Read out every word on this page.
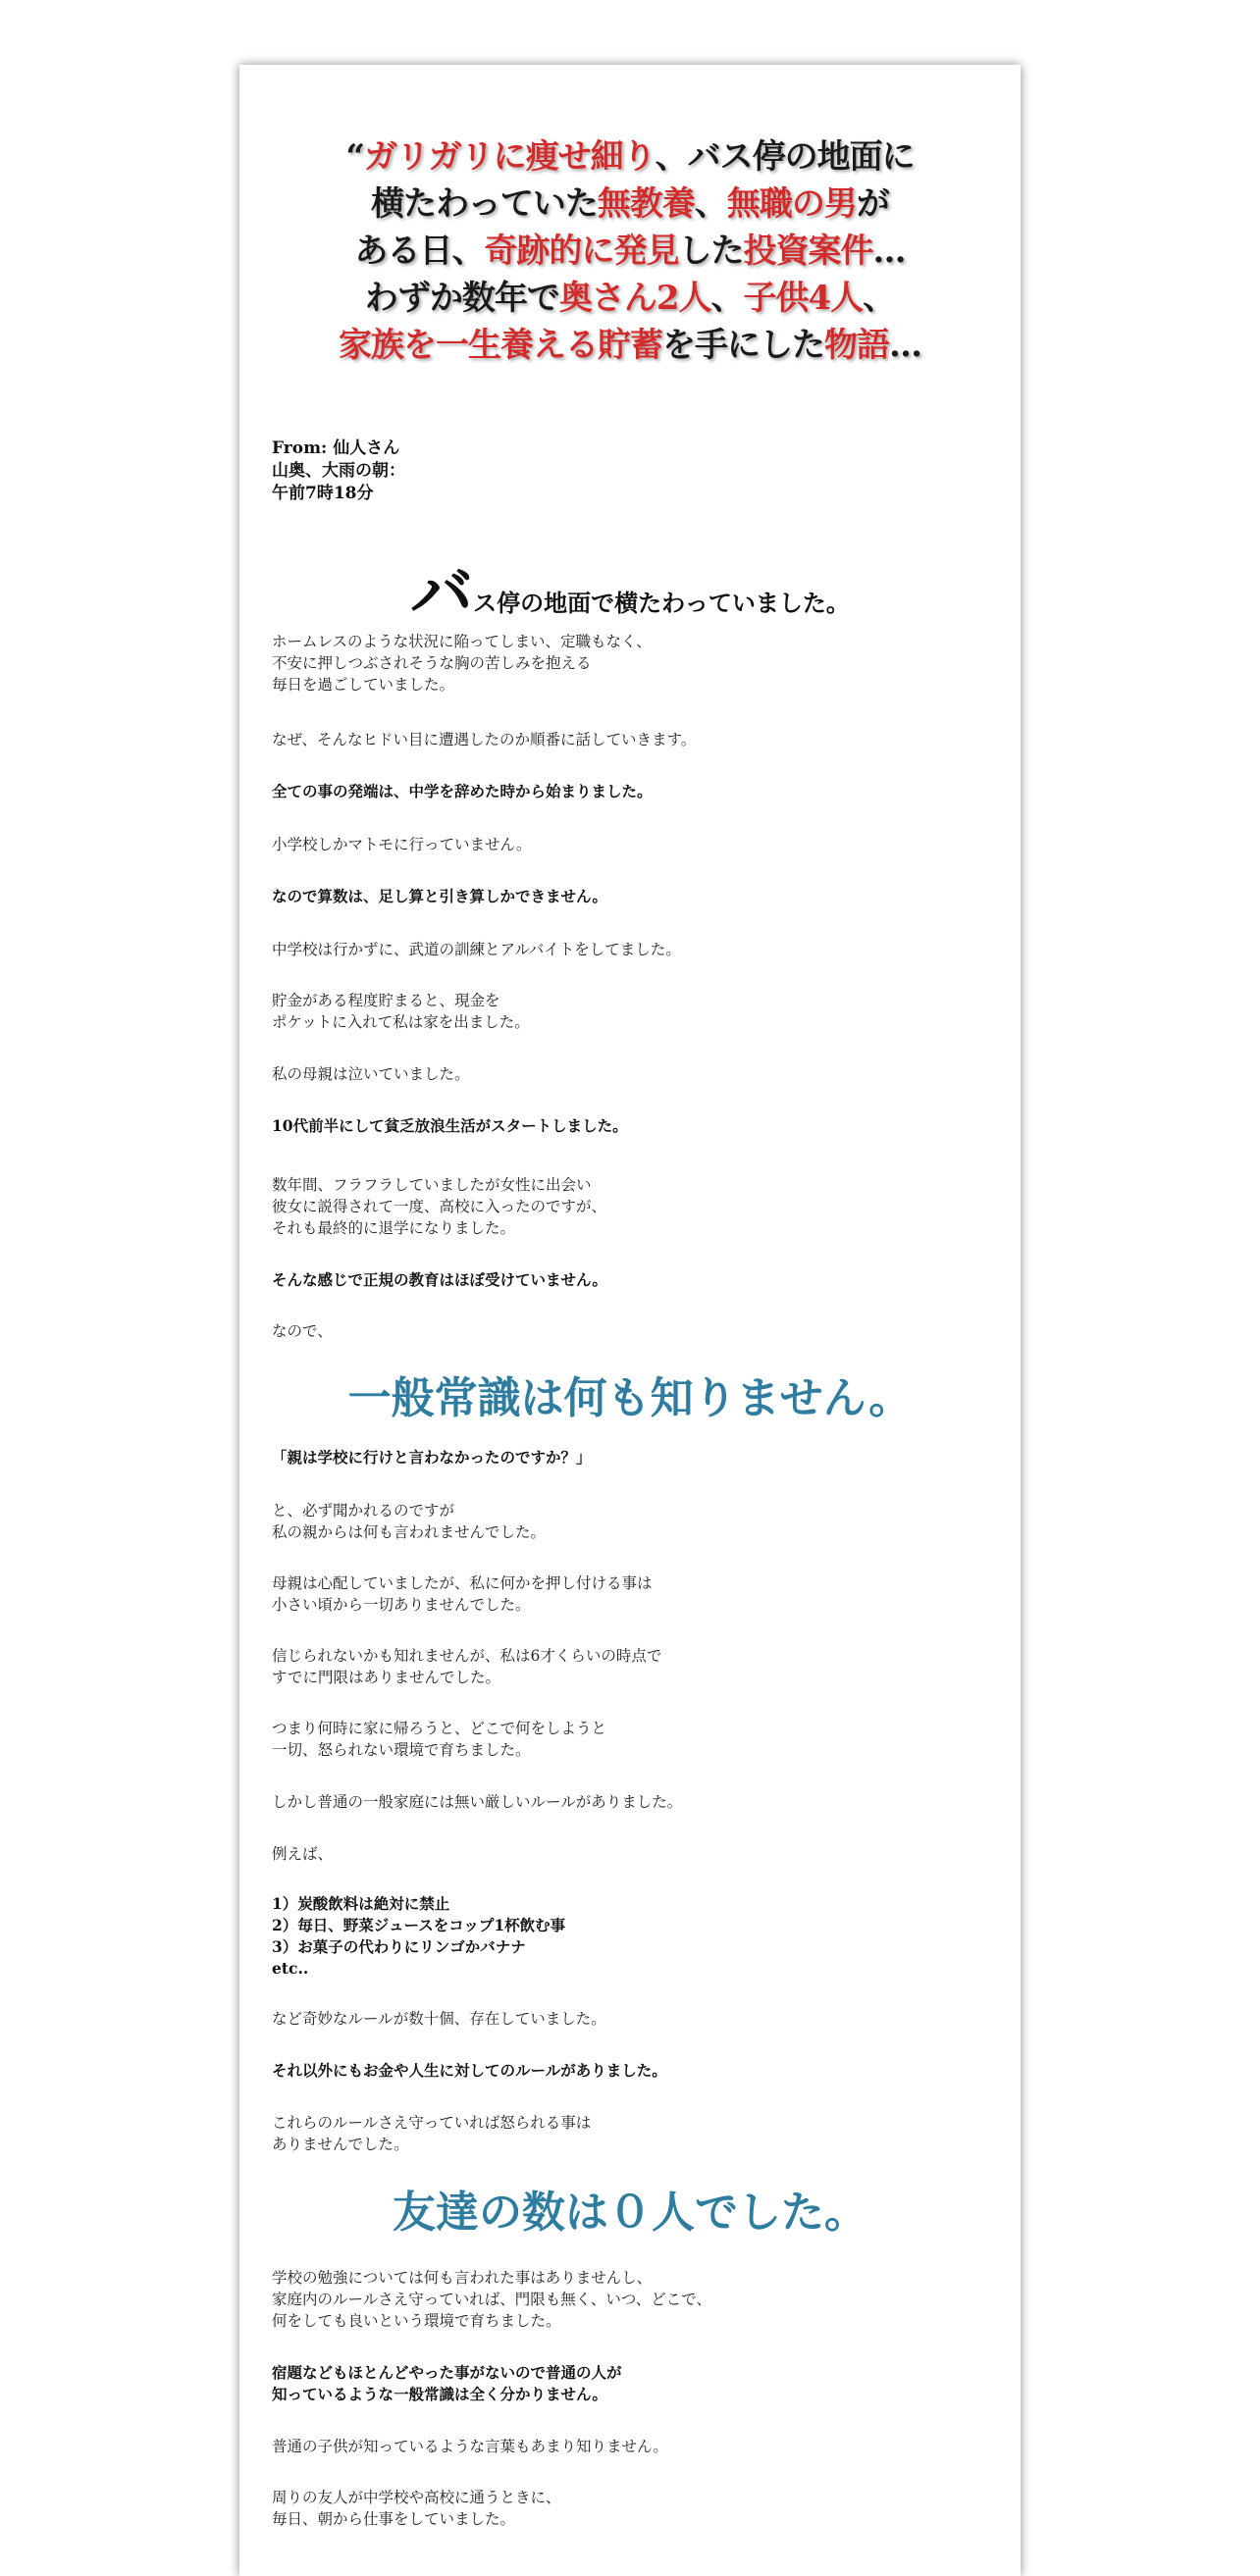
“ガリガリに痩せ細り、バス停の地面に
横たわっていた無教養、無職の男が
ある日、奇跡的に発見した投資案件…
わずか数年で奥さん2人、子供4人、
家族を一生養える貯蓄を手にした物語…
From: 仙人さん
山奥、大雨の朝：
午前7時18分
バス停の地面で横たわっていました。
ホームレスのような状況に陥ってしまい、定職もなく、
不安に押しつぶされそうな胸の苦しみを抱える
毎日を過ごしていました。
なぜ、そんなヒドい目に遭遇したのか順番に話していきます。
全ての事の発端は、中学を辞めた時から始まりました。
小学校しかマトモに行っていません。
なので算数は、足し算と引き算しかできません。
中学校は行かずに、武道の訓練とアルバイトをしてました。
貯金がある程度貯まると、現金を
ポケットに入れて私は家を出ました。
私の母親は泣いていました。
10代前半にして貧乏放浪生活がスタートしました。
数年間、フラフラしていましたが女性に出会い
彼女に説得されて一度、高校に入ったのですが、
それも最終的に退学になりました。
そんな感じで正規の教育はほぼ受けていません。
なので、
一般常識は何も知りません。
「親は学校に行けと言わなかったのですか？」
と、必ず聞かれるのですが
私の親からは何も言われませんでした。
母親は心配していましたが、私に何かを押し付ける事は
小さい頃から一切ありませんでした。
信じられないかも知れませんが、私は6才くらいの時点で
すでに門限はありませんでした。
つまり何時に家に帰ろうと、どこで何をしようと
一切、怒られない環境で育ちました。
しかし普通の一般家庭には無い厳しいルールがありました。
例えば、
1）炭酸飲料は絶対に禁止
2）毎日、野菜ジュースをコップ1杯飲む事
3）お菓子の代わりにリンゴかバナナ
etc..
など奇妙なルールが数十個、存在していました。
それ以外にもお金や人生に対してのルールがありました。
これらのルールさえ守っていれば怒られる事は
ありませんでした。
友達の数は０人でした。
学校の勉強については何も言われた事はありませんし、
家庭内のルールさえ守っていれば、門限も無く、いつ、どこで、
何をしても良いという環境で育ちました。
宿題などもほとんどやった事がないので普通の人が
知っているような一般常識は全く分かりません。
普通の子供が知っているような言葉もあまり知りません。
周りの友人が中学校や高校に通うときに、
毎日、朝から仕事をしていました。
